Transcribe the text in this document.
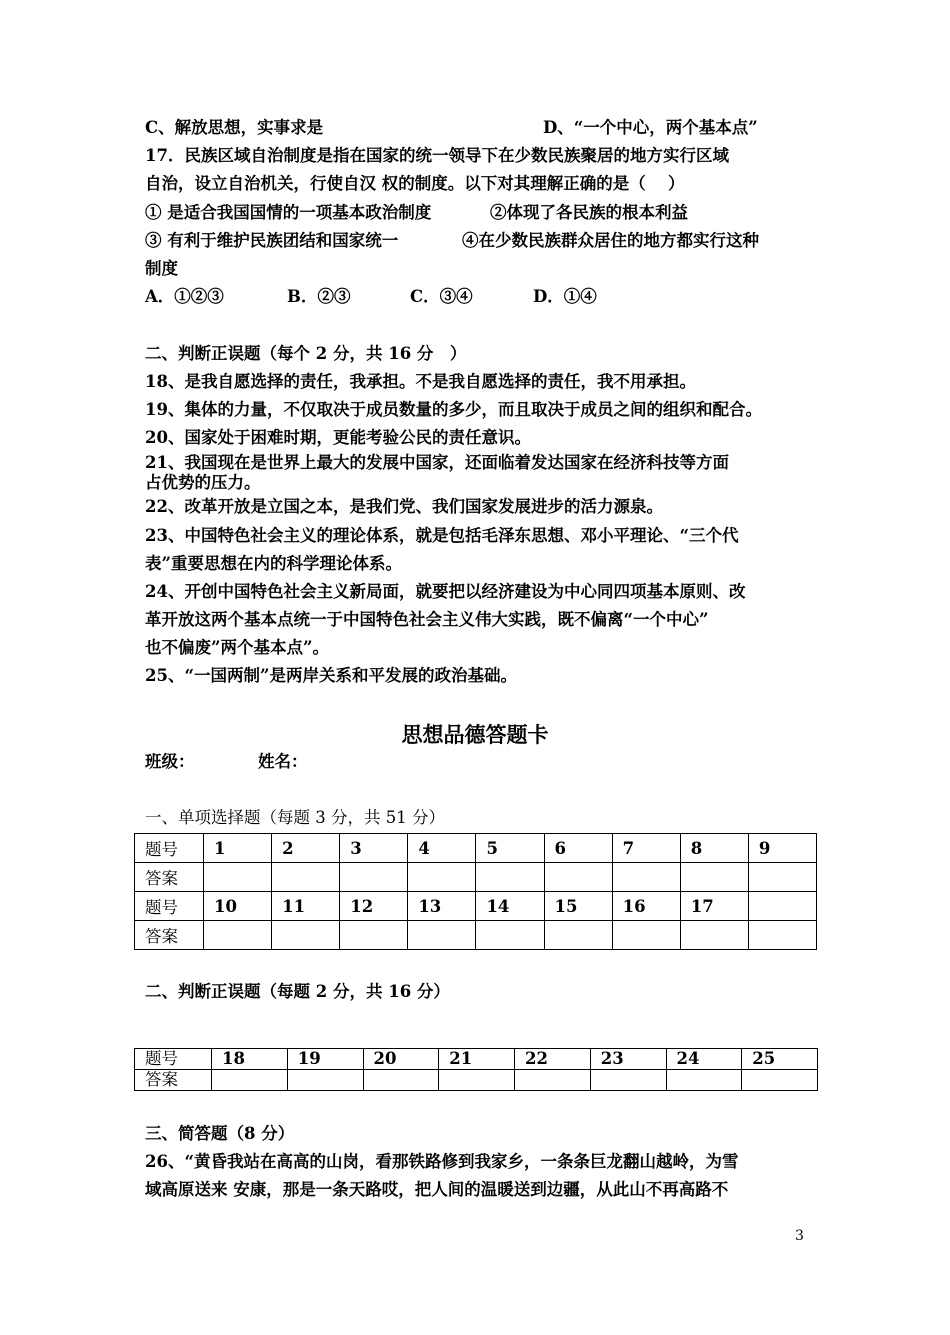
C、解放思想，实事求是	D、“一个中心，两个基本点”
17．民族区域自治制度是指在国家的统一领导下在少数民族聚居的地方实行区域
自治，设立自治机关，行使自汉 权的制度。以下对其理解正确的是（　 ）
① 是适合我国国情的一项基本政治制度	②体现了各民族的根本利益
③ 有利于维护民族团结和国家统一	④在少数民族群众居住的地方都实行这种
制度
A．①②③	B．②③	C．③④	D．①④
二、判断正误题（每个 2 分，共 16 分　）
18、是我自愿选择的责任，我承担。不是我自愿选择的责任，我不用承担。
19、集体的力量，不仅取决于成员数量的多少，而且取决于成员之间的组织和配合。
20、国家处于困难时期，更能考验公民的责任意识。
21、我国现在是世界上最大的发展中国家，还面临着发达国家在经济科技等方面
占优势的压力。
22、改革开放是立国之本，是我们党、我们国家发展进步的活力源泉。
23、中国特色社会主义的理论体系，就是包括毛泽东思想、邓小平理论、“三个代
表”重要思想在内的科学理论体系。
24、开创中国特色社会主义新局面，就要把以经济建设为中心同四项基本原则、改
革开放这两个基本点统一于中国特色社会主义伟大实践，既不偏离“一个中心”
也不偏废”两个基本点”。
25、“一国两制”是两岸关系和平发展的政治基础。
思想品德答题卡
班级：	姓名：
一、单项选择题（每题 3 分，共 51 分）
题号	1	2	3	4	5	6	7	8	9
答案									
题号	10	11	12	13	14	15	16	17	
答案									
二、判断正误题（每题 2 分，共 16 分）
题号	18	19	20	21	22	23	24	25
答案								
三、简答题（8 分）
26、“黄昏我站在高高的山岗，看那铁路修到我家乡，一条条巨龙翻山越岭，为雪
域高原送来 安康，那是一条天路哎，把人间的温暖送到边疆，从此山不再高路不
3
